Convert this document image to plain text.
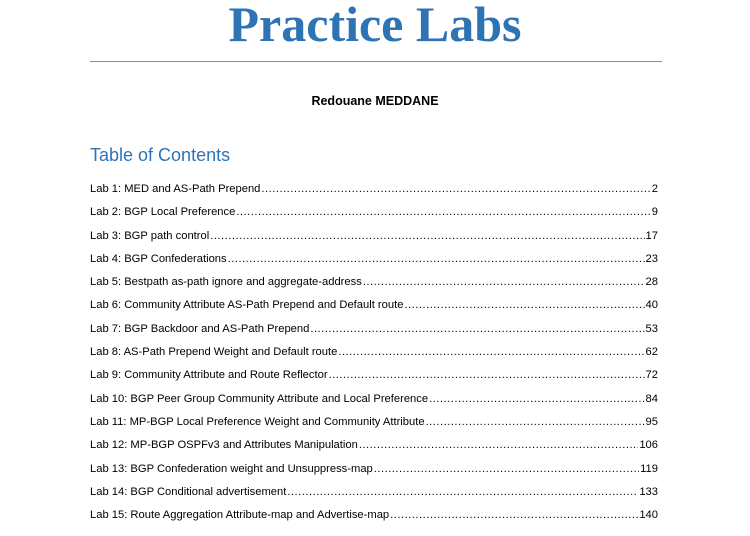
Practice Labs
Redouane MEDDANE
Table of Contents
Lab 1: MED and AS-Path Prepend .....	2
Lab 2: BGP Local Preference .....	9
Lab 3: BGP path control .....	17
Lab 4: BGP Confederations .....	23
Lab 5: Bestpath as-path ignore and aggregate-address .....	28
Lab 6: Community Attribute AS-Path Prepend and Default route .....	40
Lab 7: BGP Backdoor and AS-Path Prepend .....	53
Lab 8: AS-Path Prepend Weight and Default route .....	62
Lab 9: Community Attribute and Route Reflector .....	72
Lab 10: BGP Peer Group Community Attribute and Local Preference .....	84
Lab 11: MP-BGP Local Preference Weight and Community Attribute .....	95
Lab 12: MP-BGP OSPFv3 and Attributes Manipulation .....	106
Lab 13: BGP Confederation weight and Unsuppress-map .....	119
Lab 14: BGP Conditional advertisement .....	133
Lab 15: Route Aggregation Attribute-map and Advertise-map .....	140
